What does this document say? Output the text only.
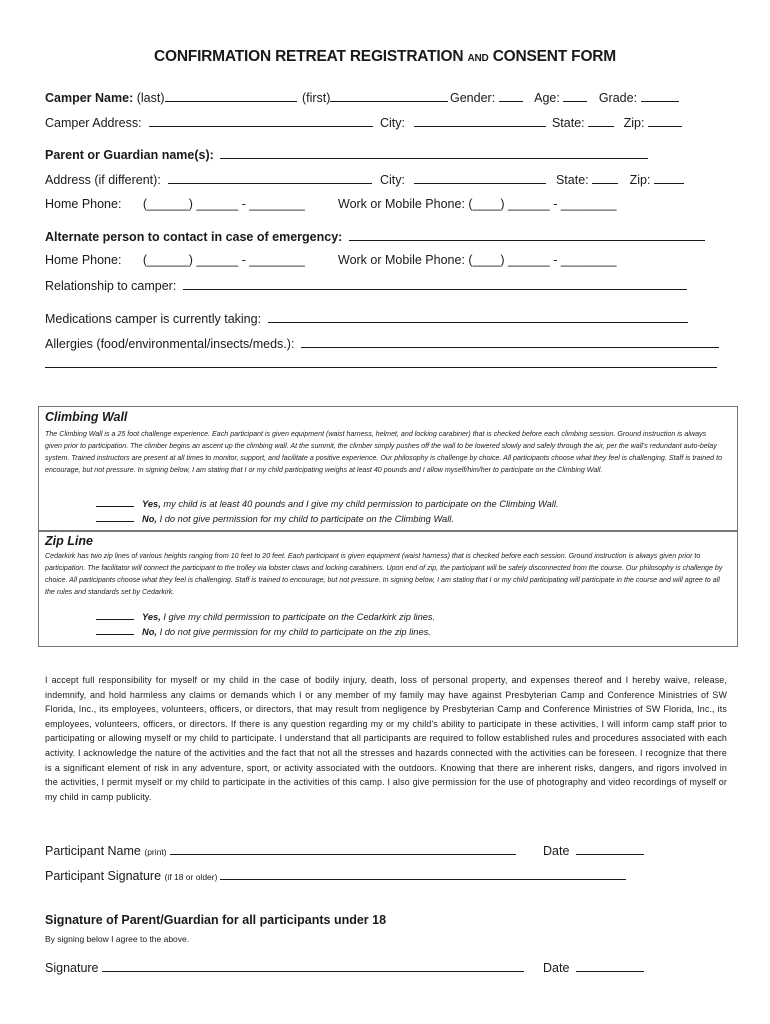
CONFIRMATION RETREAT REGISTRATION AND CONSENT FORM
Camper Name: (last)	(first)	Gender:	Age:	Grade:
Camper Address:	City:	State:	Zip:
Parent or Guardian name(s):
Address (if different):	City:	State:	Zip:
Home Phone: (______) ______ - ________	Work or Mobile Phone: (____) ______ - ________
Alternate person to contact in case of emergency:
Home Phone: (______) ______ - ________	Work or Mobile Phone: (____) ______ - ________
Relationship to camper:
Medications camper is currently taking:
Allergies (food/environmental/insects/meds.):
Climbing Wall
The Climbing Wall is a 25 foot challenge experience. Each participant is given equipment (waist harness, helmet, and locking carabiner) that is checked before each climbing session. Ground instruction is always given prior to participation. The climber begins an ascent up the climbing wall. At the summit, the climber simply pushes off the wall to be lowered slowly and safely through the air, per the wall's redundant auto-belay system. Trained instructors are present at all times to monitor, support, and facilitate a positive experience. Our philosophy is challenge by choice. All participants choose what they feel is challenging. Staff is trained to encourage, but not pressure. In signing below, I am stating that I or my child participating weighs at least 40 pounds and I allow myself/him/her to participate on the Climbing Wall.
Yes, my child is at least 40 pounds and I give my child permission to participate on the Climbing Wall.
No, I do not give permission for my child to participate on the Climbing Wall.
Zip Line
Cedarkirk has two zip lines of various heights ranging from 10 feet to 20 feet. Each participant is given equipment (waist harness) that is checked before each session. Ground instruction is always given prior to participation. The facilitator will connect the participant to the trolley via lobster claws and locking carabiners. Upon end of zip, the participant will be safely disconnected from the course. Our philosophy is challenge by choice. All participants choose what they feel is challenging. Staff is trained to encourage, but not pressure. In signing below, I am stating that I or my child participating will participate in the course and will agree to all the rules and standards set by Cedarkirk.
Yes, I give my child permission to participate on the Cedarkirk zip lines.
No, I do not give permission for my child to participate on the zip lines.
I accept full responsibility for myself or my child in the case of bodily injury, death, loss of personal property, and expenses thereof and I hereby waive, release, indemnify, and hold harmless any claims or demands which I or any member of my family may have against Presbyterian Camp and Conference Ministries of SW Florida, Inc., its employees, volunteers, officers, or directors, that may result from negligence by Presbyterian Camp and Conference Ministries of SW Florida, Inc., its employees, volunteers, officers, or directors. If there is any question regarding my or my child's ability to participate in these activities, I will inform camp staff prior to participating or allowing myself or my child to participate. I understand that all participants are required to follow established rules and procedures associated with each activity. I acknowledge the nature of the activities and the fact that not all the stresses and hazards connected with the activities can be foreseen. I recognize that there is a significant element of risk in any adventure, sport, or activity associated with the outdoors. Knowing that there are inherent risks, dangers, and rigors involved in the activities, I permit myself or my child to participate in the activities of this camp. I also give permission for the use of photography and video recordings of myself or my child in camp publicity.
Participant Name (print)	Date
Participant Signature (if 18 or older)
Signature of Parent/Guardian for all participants under 18
By signing below I agree to the above.
Signature	Date
